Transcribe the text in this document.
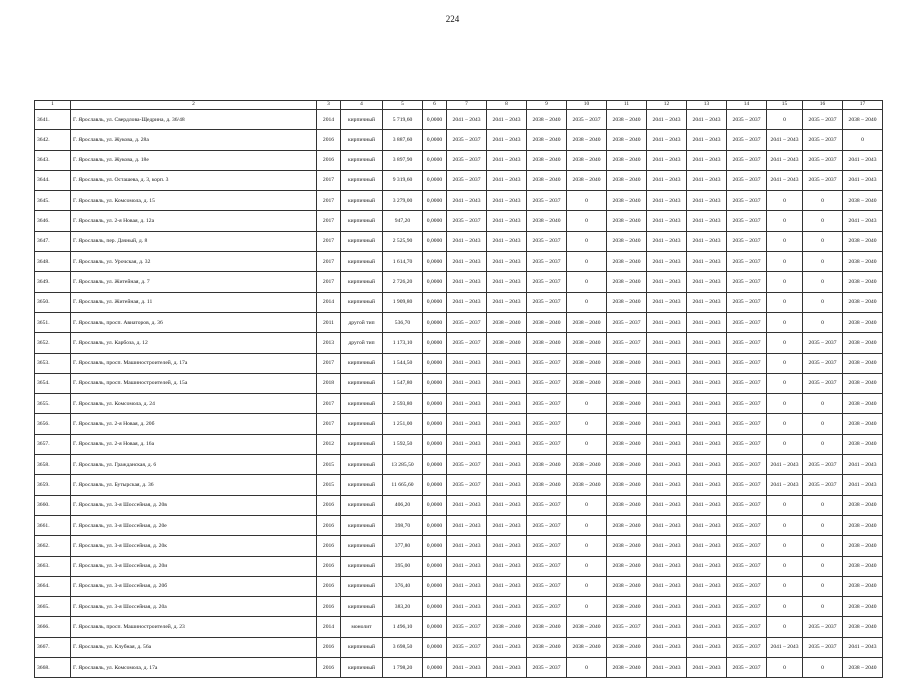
224
1	2	3	4	5	6	7	8	9	10	11	12	13	14	15	16	17
3641.	Г. Ярославль, ул. Свердлова-Щедрина, д. 36/48	2014	кирпичный	5 719,60	0,0000	2041 – 2043	2041 – 2043	2038 – 2040	2035 – 2037	2038 – 2040	2041 – 2043	2041 – 2043	2035 – 2037	0	2035 – 2037	2038 – 2040
3642.	Г. Ярославль, ул. Жукова, д. 28а	2016	кирпичный	3 887,60	0,0000	2035 – 2037	2041 – 2043	2038 – 2040	2038 – 2040	2038 – 2040	2041 – 2043	2041 – 2043	2035 – 2037	2041 – 2043	2035 – 2037	0
3643.	Г. Ярославль, ул. Жукова, д. 18е	2016	кирпичный	3 897,90	0,0000	2035 – 2037	2041 – 2043	2038 – 2040	2038 – 2040	2038 – 2040	2041 – 2043	2041 – 2043	2035 – 2037	2041 – 2043	2035 – 2037	2041 – 2043
3644.	Г. Ярославль, ул. Осташева, д. 3, корп. 3	2017	кирпичный	9 319,60	0,0000	2035 – 2037	2041 – 2043	2038 – 2040	2038 – 2040	2038 – 2040	2041 – 2043	2041 – 2043	2035 – 2037	2041 – 2043	2035 – 2037	2041 – 2043
3645.	Г. Ярославль, ул. Комсомола, д. 15	2017	кирпичный	3 279,00	0,0000	2041 – 2043	2041 – 2043	2035 – 2037	0	2038 – 2040	2041 – 2043	2041 – 2043	2035 – 2037	0	0	2038 – 2040
3646.	Г. Ярославль, ул. 2-я Новая, д. 12а	2017	кирпичный	947,20	0,0000	2035 – 2037	2041 – 2043	2038 – 2040	0	2038 – 2040	2041 – 2043	2041 – 2043	2035 – 2037	0	0	2041 – 2043
3647.	Г. Ярославль, пер. Дачный, д. 8	2017	кирпичный	2 525,90	0,0000	2041 – 2043	2041 – 2043	2035 – 2037	0	2038 – 2040	2041 – 2043	2041 – 2043	2035 – 2037	0	0	2038 – 2040
3648.	Г. Ярославль, ул. Урочская, д. 32	2017	кирпичный	1 614,70	0,0000	2041 – 2043	2041 – 2043	2035 – 2037	0	2038 – 2040	2041 – 2043	2041 – 2043	2035 – 2037	0	0	2038 – 2040
3649.	Г. Ярославль, ул. Житейная, д. 7	2017	кирпичный	2 726,20	0,0000	2041 – 2043	2041 – 2043	2035 – 2037	0	2038 – 2040	2041 – 2043	2041 – 2043	2035 – 2037	0	0	2038 – 2040
3650.	Г. Ярославль, ул. Житейная, д. 11	2014	кирпичный	1 909,80	0,0000	2041 – 2043	2041 – 2043	2035 – 2037	0	2038 – 2040	2041 – 2043	2041 – 2043	2035 – 2037	0	0	2038 – 2040
3651.	Г. Ярославль, просп. Авиаторов, д. 36	2011	другой тип	536,70	0,0000	2035 – 2037	2038 – 2040	2038 – 2040	2038 – 2040	2035 – 2037	2041 – 2043	2041 – 2043	2035 – 2037	0	0	2038 – 2040
3652.	Г. Ярославль, ул. Карбоза, д. 12	2013	другой тип	1 173,10	0,0000	2035 – 2037	2038 – 2040	2038 – 2040	2038 – 2040	2035 – 2037	2041 – 2043	2041 – 2043	2035 – 2037	0	2035 – 2037	2038 – 2040
3653.	Г. Ярославль, просп. Машиностроителей, д. 17а	2017	кирпичный	1 544,50	0,0000	2041 – 2043	2041 – 2043	2035 – 2037	2038 – 2040	2038 – 2040	2041 – 2043	2041 – 2043	2035 – 2037	0	2035 – 2037	2038 – 2040
3654.	Г. Ярославль, просп. Машиностроителей, д. 15а	2018	кирпичный	1 547,80	0,0000	2041 – 2043	2041 – 2043	2035 – 2037	2038 – 2040	2038 – 2040	2041 – 2043	2041 – 2043	2035 – 2037	0	2035 – 2037	2038 – 2040
3655.	Г. Ярославль, ул. Комсомола, д. 24	2017	кирпичный	2 593,80	0,0000	2041 – 2043	2041 – 2043	2035 – 2037	0	2038 – 2040	2041 – 2043	2041 – 2043	2035 – 2037	0	0	2038 – 2040
3656.	Г. Ярославль, ул. 2-я Новая, д. 20б	2017	кирпичный	1 251,00	0,0000	2041 – 2043	2041 – 2043	2035 – 2037	0	2038 – 2040	2041 – 2043	2041 – 2043	2035 – 2037	0	0	2038 – 2040
3657.	Г. Ярославль, ул. 2-я Новая, д. 16а	2012	кирпичный	1 592,50	0,0000	2041 – 2043	2041 – 2043	2035 – 2037	0	2038 – 2040	2041 – 2043	2041 – 2043	2035 – 2037	0	0	2038 – 2040
3658.	Г. Ярославль, ул. Гражданская, д. 6	2015	кирпичный	13 285,50	0,0000	2035 – 2037	2041 – 2043	2038 – 2040	2038 – 2040	2038 – 2040	2041 – 2043	2041 – 2043	2035 – 2037	2041 – 2043	2035 – 2037	2041 – 2043
3659.	Г. Ярославль, ул. Бутырская, д. 36	2015	кирпичный	11 665,60	0,0000	2035 – 2037	2041 – 2043	2038 – 2040	2038 – 2040	2038 – 2040	2041 – 2043	2041 – 2043	2035 – 2037	2041 – 2043	2035 – 2037	2041 – 2043
3660.	Г. Ярославль, ул. 3-я Шоссейная, д. 20в	2016	кирпичный	406,20	0,0000	2041 – 2043	2041 – 2043	2035 – 2037	0	2038 – 2040	2041 – 2043	2041 – 2043	2035 – 2037	0	0	2038 – 2040
3661.	Г. Ярославль, ул. 3-я Шоссейная, д. 20е	2016	кирпичный	398,70	0,0000	2041 – 2043	2041 – 2043	2035 – 2037	0	2038 – 2040	2041 – 2043	2041 – 2043	2035 – 2037	0	0	2038 – 2040
3662.	Г. Ярославль, ул. 3-я Шоссейная, д. 20к	2016	кирпичный	377,80	0,0000	2041 – 2043	2041 – 2043	2035 – 2037	0	2038 – 2040	2041 – 2043	2041 – 2043	2035 – 2037	0	0	2038 – 2040
3663.	Г. Ярославль, ул. 3-я Шоссейная, д. 20и	2016	кирпичный	395,00	0,0000	2041 – 2043	2041 – 2043	2035 – 2037	0	2038 – 2040	2041 – 2043	2041 – 2043	2035 – 2037	0	0	2038 – 2040
3664.	Г. Ярославль, ул. 3-я Шоссейная, д. 20б	2016	кирпичный	376,40	0,0000	2041 – 2043	2041 – 2043	2035 – 2037	0	2038 – 2040	2041 – 2043	2041 – 2043	2035 – 2037	0	0	2038 – 2040
3665.	Г. Ярославль, ул. 3-я Шоссейная, д. 20а	2016	кирпичный	383,20	0,0000	2041 – 2043	2041 – 2043	2035 – 2037	0	2038 – 2040	2041 – 2043	2041 – 2043	2035 – 2037	0	0	2038 – 2040
3666.	Г. Ярославль, просп. Машиностроителей, д. 23	2014	монолит	1 496,10	0,0000	2035 – 2037	2038 – 2040	2038 – 2040	2038 – 2040	2035 – 2037	2041 – 2043	2041 – 2043	2035 – 2037	0	2035 – 2037	2038 – 2040
3667.	Г. Ярославль, ул. Клубная, д. 56а	2016	кирпичный	3 698,50	0,0000	2035 – 2037	2041 – 2043	2038 – 2040	2038 – 2040	2038 – 2040	2041 – 2043	2041 – 2043	2035 – 2037	2041 – 2043	2035 – 2037	2041 – 2043
3668.	Г. Ярославль, ул. Комсомола, д. 17а	2016	кирпичный	1 798,20	0,0000	2041 – 2043	2041 – 2043	2035 – 2037	0	2038 – 2040	2041 – 2043	2041 – 2043	2035 – 2037	0	0	2038 – 2040
